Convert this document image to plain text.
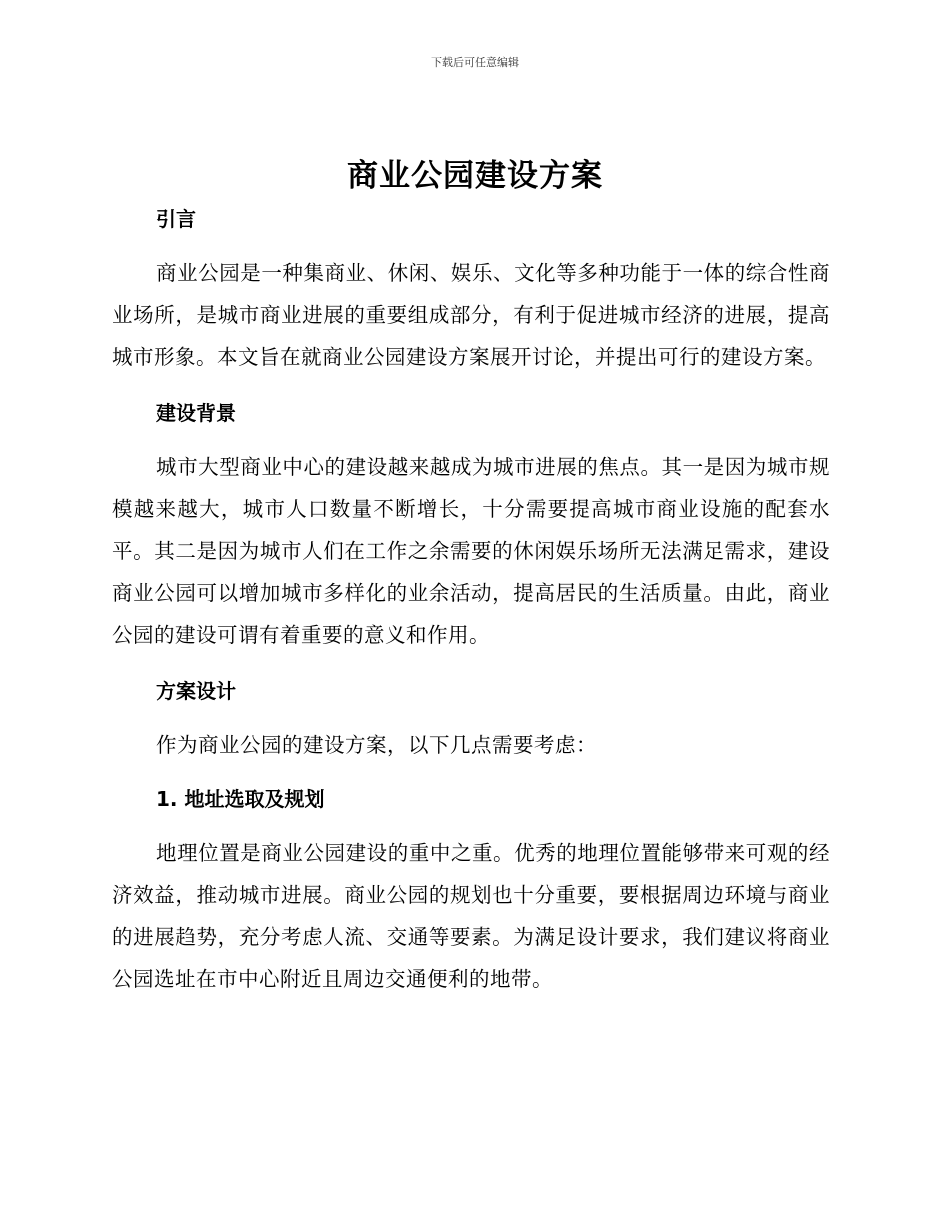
下载后可任意编辑
商业公园建设方案

引言

商业公园是一种集商业、休闲、娱乐、文化等多种功能于一体的综合性商业场所，是城市商业进展的重要组成部分，有利于促进城市经济的进展，提高城市形象。本文旨在就商业公园建设方案展开讨论，并提出可行的建设方案。

建设背景

城市大型商业中心的建设越来越成为城市进展的焦点。其一是因为城市规模越来越大，城市人口数量不断增长，十分需要提高城市商业设施的配套水平。其二是因为城市人们在工作之余需要的休闲娱乐场所无法满足需求，建设商业公园可以增加城市多样化的业余活动，提高居民的生活质量。由此，商业公园的建设可谓有着重要的意义和作用。

方案设计

作为商业公园的建设方案，以下几点需要考虑：

1. 地址选取及规划

地理位置是商业公园建设的重中之重。优秀的地理位置能够带来可观的经济效益，推动城市进展。商业公园的规划也十分重要，要根据周边环境与商业的进展趋势，充分考虑人流、交通等要素。为满足设计要求，我们建议将商业公园选址在市中心附近且周边交通便利的地带。
